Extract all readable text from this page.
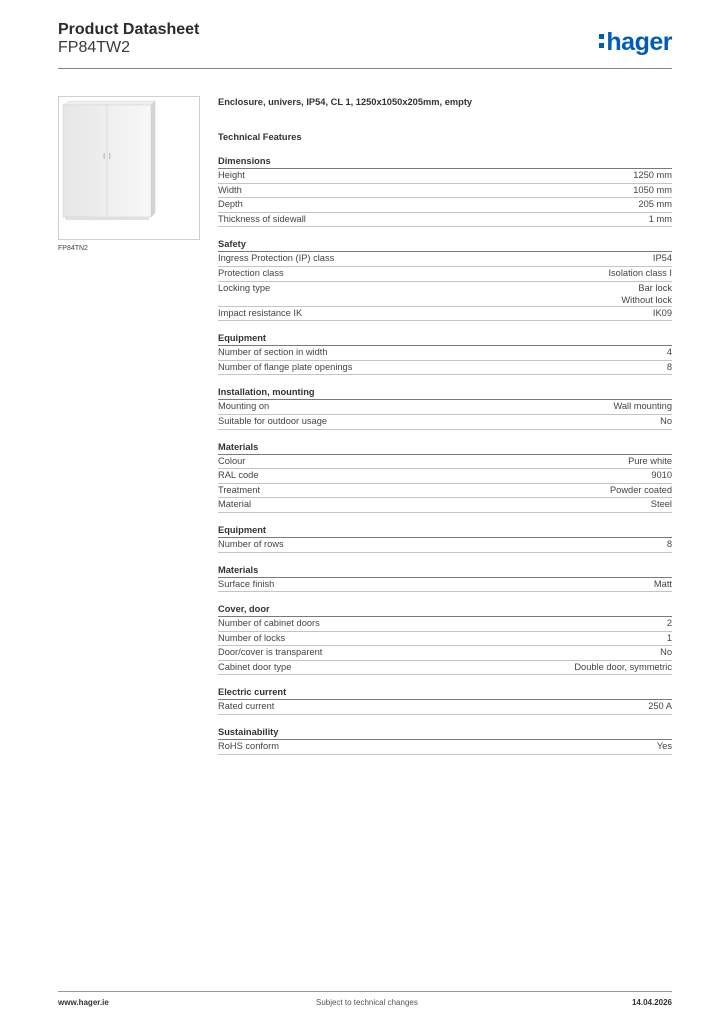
Product Datasheet
FP84TW2	hager
FP84TN2
Enclosure, univers, IP54, CL 1, 1250x1050x205mm, empty
Technical Features
Dimensions
Height	1250 mm
Width	1050 mm
Depth	205 mm
Thickness of sidewall	1 mm
Safety
Ingress Protection (IP) class	IP54
Protection class	Isolation class I
Locking type	Bar lock
Without lock
Impact resistance IK	IK09
Equipment
Number of section in width	4
Number of flange plate openings	8
Installation, mounting
Mounting on	Wall mounting
Suitable for outdoor usage	No
Materials
Colour	Pure white
RAL code	9010
Treatment	Powder coated
Material	Steel
Equipment
Number of rows	8
Materials
Surface finish	Matt
Cover, door
Number of cabinet doors	2
Number of locks	1
Door/cover is transparent	No
Cabinet door type	Double door, symmetric
Electric current
Rated current	250 A
Sustainability
RoHS conform	Yes
www.hager.ie	Subject to technical changes	14.04.2026
